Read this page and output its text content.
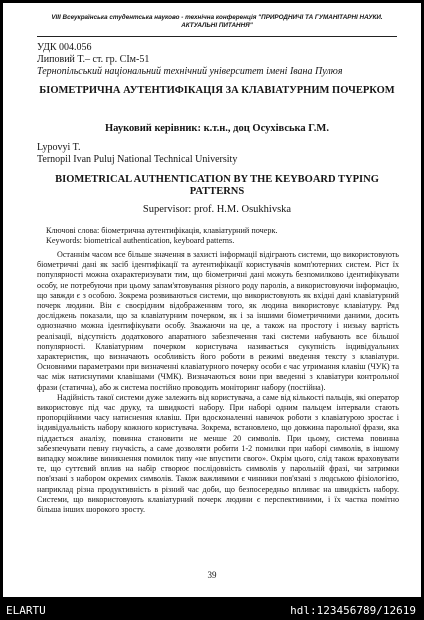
VIII Всеукраїнська студентська науково - технічна конференція "ПРИРОДНИЧІ ТА ГУМАНІТАРНІ НАУКИ.
АКТУАЛЬНІ ПИТАННЯ"
УДК 004.056
Липовий Т.– ст. гр. СІм-51
Тернопільський національний технічний університет імені Івана Пулюя
БІОМЕТРИЧНА АУТЕНТИФІКАЦІЯ ЗА КЛАВІАТУРНИМ ПОЧЕРКОМ
Науковий керівник: к.т.н., доц Осухівська Г.М.
Lypovyi T.
Ternopil Ivan Puluj National Technical University
BIOMETRICAL AUTHENTICATION BY THE KEYBOARD TYPING PATTERNS
Supervisor: prof. H.M. Osukhivska
Ключові слова: біометрична аутентифікація, клавіатурний почерк.
Keywords: biometrical authentication, keyboard patterns.

Останнім часом все більше значення в захисті інформації відіграють системи, що використовують біометричні дані як засіб ідентифікації та аутентифікації користувачів комп'ютерних систем. Ріст їх популярності можна охарактеризувати тим, що біометричні дані можуть безпомилково ідентифікувати особу, не потребуючи при цьому запам'ятовування різного роду паролів, а використовуючи інформацію, що завжди є з особою. Зокрема розвиваються системи, що використовують як вхідні дані клавіатурний почерк людини. Він є своєрідним відображенням того, як людина використовує клавіатуру. Ряд досліджень показали, що за клавіатурним почерком, як і за іншими біометричними даними, досить однозначно можна ідентифікувати особу. Зважаючи на це, а також на простоту і низьку вартість реалізації, відсутність додаткового апаратного забезпечення такі системи набувають все більшої популярності. Клавіатурним почерком користувача називається сукупність індивідуальних характеристик, що визначають особливість його роботи в режимі введення тексту з клавіатури. Основними параметрами при визначенні клавіатурного почерку особи є час утримання клавіш (ЧУК) та час між натиснутими клавішами (ЧМК). Визначаються вони при введенні з клавіатури контрольної фрази (статична), або ж система постійно проводить моніторинг набору (постійна).

Надійність такої системи дуже залежить від користувача, а саме від кількості пальців, які оператор використовує під час друку, та швидкості набору. При наборі одним пальцем інтервали стають пропорційними часу натиснення клавіш. При вдосконаленні навичок роботи з клавіатурою зростає і індивідуальність набору кожного користувача. Зокрема, встановлено, що довжина парольної фрази, яка піддається аналізу, повинна становити не менше 20 символів. При цьому, система повинна забезпечувати певну гнучкість, а саме дозволяти робити 1-2 помилки при наборі символів, в іншому випадку можливе виникнення помилок типу «не впустити свого». Окрім цього, слід також враховувати те, що суттєвий вплив на набір створює послідовність символів у парольній фразі, чи затримки пов'язані з набором окремих символів. Також важливими є чинники пов'язані з людською фізіологією, наприклад різна продуктивність в різний час доби, що безпосередньо впливає на швидкість набору. Системи, що використовують клавіатурний почерк людини є перспективними, і їх частка помітно більша інших шорокого зросту.

39
ELARTU	hdl:123456789/12619
